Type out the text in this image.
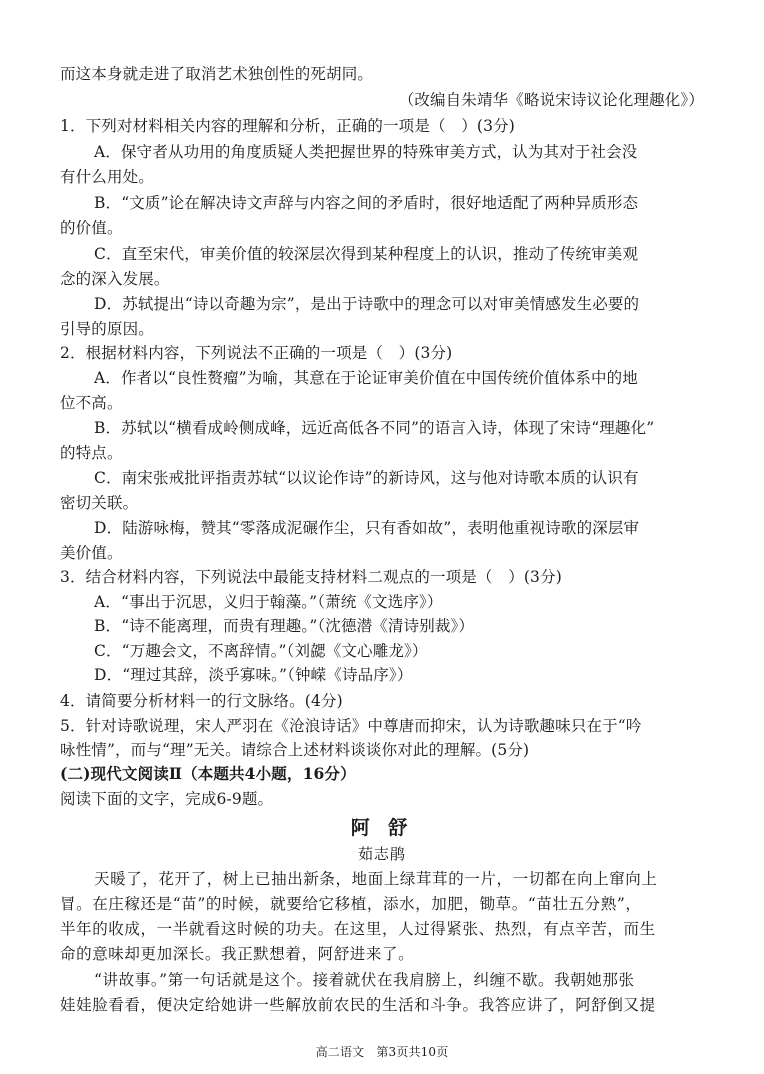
而这本身就走进了取消艺术独创性的死胡同。
（改编自朱靖华《略说宋诗议论化理趣化》）
1．下列对材料相关内容的理解和分析，正确的一项是（　）(3分)
A．保守者从功用的角度质疑人类把握世界的特殊审美方式，认为其对于社会没
有什么用处。
B．“文质”论在解决诗文声辞与内容之间的矛盾时，很好地适配了两种异质形态
的价值。
C．直至宋代，审美价值的较深层次得到某种程度上的认识，推动了传统审美观
念的深入发展。
D．苏轼提出“诗以奇趣为宗”，是出于诗歌中的理念可以对审美情感发生必要的
引导的原因。
2．根据材料内容，下列说法不正确的一项是（　）(3分)
A．作者以“良性赘瘤”为喻，其意在于论证审美价值在中国传统价值体系中的地
位不高。
B．苏轼以“横看成岭侧成峰，远近高低各不同”的语言入诗，体现了宋诗“理趣化”
的特点。
C．南宋张戒批评指责苏轼“以议论作诗”的新诗风，这与他对诗歌本质的认识有
密切关联。
D．陆游咏梅，赞其“零落成泥碾作尘，只有香如故”，表明他重视诗歌的深层审
美价值。
3．结合材料内容，下列说法中最能支持材料二观点的一项是（　）(3分)
A．“事出于沉思，义归于翰藻。”（萧统《文选序》）
B．“诗不能离理，而贵有理趣。”（沈德潜《清诗别裁》）
C．“万趣会文，不离辞情。”（刘勰《文心雕龙》）
D．“理过其辞，淡乎寡味。”（钟嵘《诗品序》）
4．请简要分析材料一的行文脉络。(4分)
5．针对诗歌说理，宋人严羽在《沧浪诗话》中尊唐而抑宋，认为诗歌趣味只在于“吟
咏性情”，而与“理”无关。请综合上述材料谈谈你对此的理解。(5分)
(二)现代文阅读Ⅱ（本题共4小题，16分）
阅读下面的文字，完成6-9题。
阿 舒
茹志鹃
天暖了，花开了，树上已抽出新条，地面上绿茸茸的一片，一切都在向上窜向上
冒。在庄稼还是“苗”的时候，就要给它移植，添水，加肥，锄草。“苗壮五分熟”，
半年的收成，一半就看这时候的功夫。在这里，人过得紧张、热烈，有点辛苦，而生
命的意味却更加深长。我正默想着，阿舒进来了。
“讲故事。”第一句话就是这个。接着就伏在我肩膀上，纠缠不歇。我朝她那张
娃娃脸看看，便决定给她讲一些解放前农民的生活和斗争。我答应讲了，阿舒倒又提
高二语文　第3页共10页
